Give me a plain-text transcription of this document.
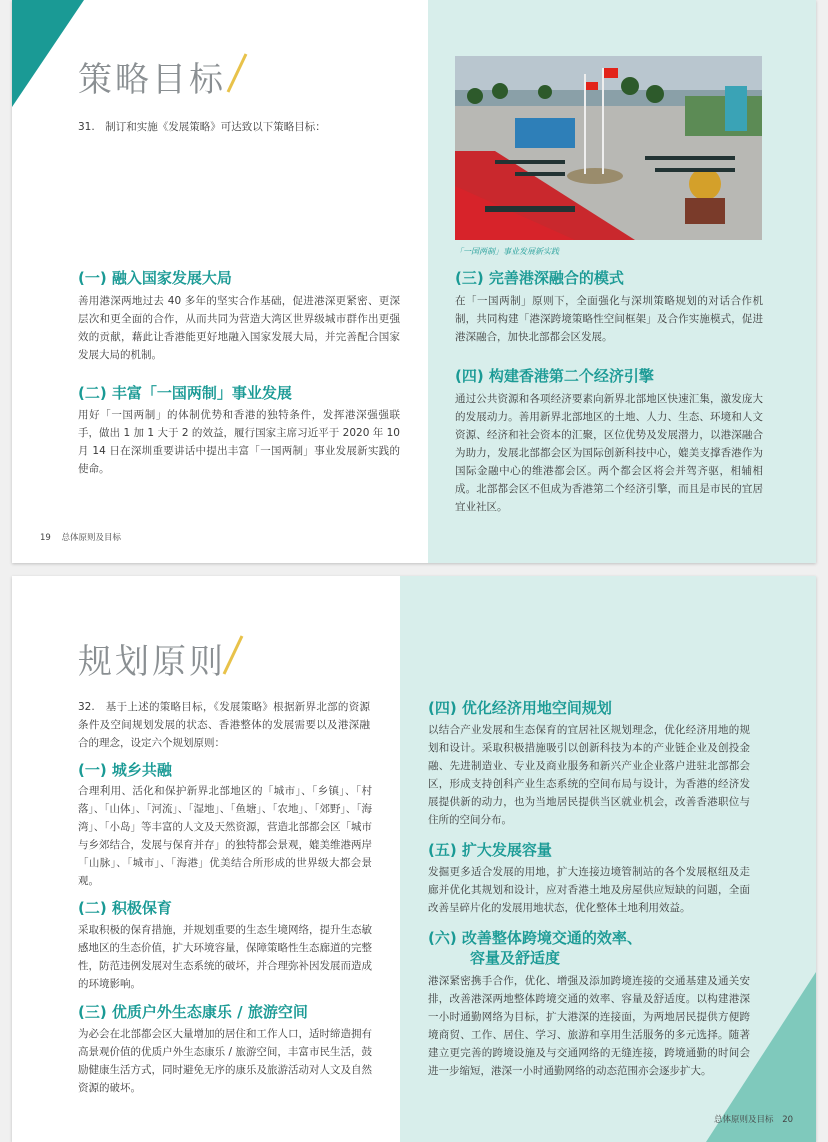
策略目标

31.　制订和实施《发展策略》可达致以下策略目标：

(一) 融入国家发展大局

善用港深两地过去 40 多年的坚实合作基础，促进港深更紧密、更深层次和更全面的合作，从而共同为营造大湾区世界级城市群作出更强效的贡献，藉此让香港能更好地融入国家发展大局，并完善配合国家发展大局的机制。

(二) 丰富「一国两制」事业发展

用好「一国两制」的体制优势和香港的独特条件，发挥港深强强联手，做出 1 加 1 大于 2 的效益，履行国家主席习近平于 2020 年 10 月 14 日在深圳重要讲话中提出丰富「一国两制」事业发展新实践的使命。

「一国两制」事业发展新实践

(三) 完善港深融合的模式

在「一国两制」原则下，全面强化与深圳策略规划的对话合作机制，共同构建「港深跨境策略性空间框架」及合作实施模式，促进港深融合，加快北部都会区发展。

(四) 构建香港第二个经济引擎

通过公共资源和各项经济要素向新界北部地区快速汇集，激发庞大的发展动力。善用新界北部地区的土地、人力、生态、环境和人文资源、经济和社会资本的汇聚，区位优势及发展潜力，以港深融合为助力，发展北部都会区为国际创新科技中心，媲美支撑香港作为国际金融中心的维港都会区。两个都会区将会并驾齐驱，相辅相成。北部都会区不但成为香港第二个经济引擎，而且是市民的宜居宜业社区。

19 总体原则及目标
规划原则

32.　基于上述的策略目标，《发展策略》根据新界北部的资源条件及空间规划发展的状态、香港整体的发展需要以及港深融合的理念，设定六个规划原则：

(一) 城乡共融

合理利用、活化和保护新界北部地区的「城市」、「乡镇」、「村落」、「山体」、「河流」、「湿地」、「鱼塘」、「农地」、「郊野」、「海湾」、「小岛」等丰富的人文及天然资源，营造北部都会区「城市与乡郊结合，发展与保育并存」的独特都会景观，媲美维港两岸「山脉」、「城市」、「海港」优美结合所形成的世界级大都会景观。

(二) 积极保育

采取积极的保育措施，并规划重要的生态生境网络，提升生态敏感地区的生态价值，扩大环境容量，保障策略性生态廊道的完整性，防范违例发展对生态系统的破坏，并合理弥补因发展而造成的环境影响。

(三) 优质户外生态康乐 / 旅游空间

为必会在北部都会区大量增加的居住和工作人口，适时缔造拥有高景观价值的优质户外生态康乐 / 旅游空间，丰富市民生活，鼓励健康生活方式，同时避免无序的康乐及旅游活动对人文及自然资源的破坏。

(四) 优化经济用地空间规划

以结合产业发展和生态保育的宜居社区规划理念，优化经济用地的规划和设计。采取积极措施吸引以创新科技为本的产业链企业及创投金融、先进制造业、专业及商业服务和新兴产业企业落户进驻北部都会区，形成支持创科产业生态系统的空间布局与设计，为香港的经济发展提供新的动力，也为当地居民提供当区就业机会，改善香港职位与住所的空间分布。

(五) 扩大发展容量

发掘更多适合发展的用地，扩大连接边境管制站的各个发展枢纽及走廊并优化其规划和设计，应对香港土地及房屋供应短缺的问题，全面改善呈碎片化的发展用地状态，优化整体土地利用效益。

(六) 改善整体跨境交通的效率、

容量及舒适度

港深紧密携手合作，优化、增强及添加跨境连接的交通基建及通关安排，改善港深两地整体跨境交通的效率、容量及舒适度。以构建港深一小时通勤网络为目标，扩大港深的连接面，为两地居民提供方便跨境商贸、工作、居住、学习、旅游和享用生活服务的多元选择。随著建立更完善的跨境设施及与交通网络的无缝连接，跨境通勤的时间会进一步缩短，港深一小时通勤网络的动态范围亦会逐步扩大。

总体原则及目标 20
